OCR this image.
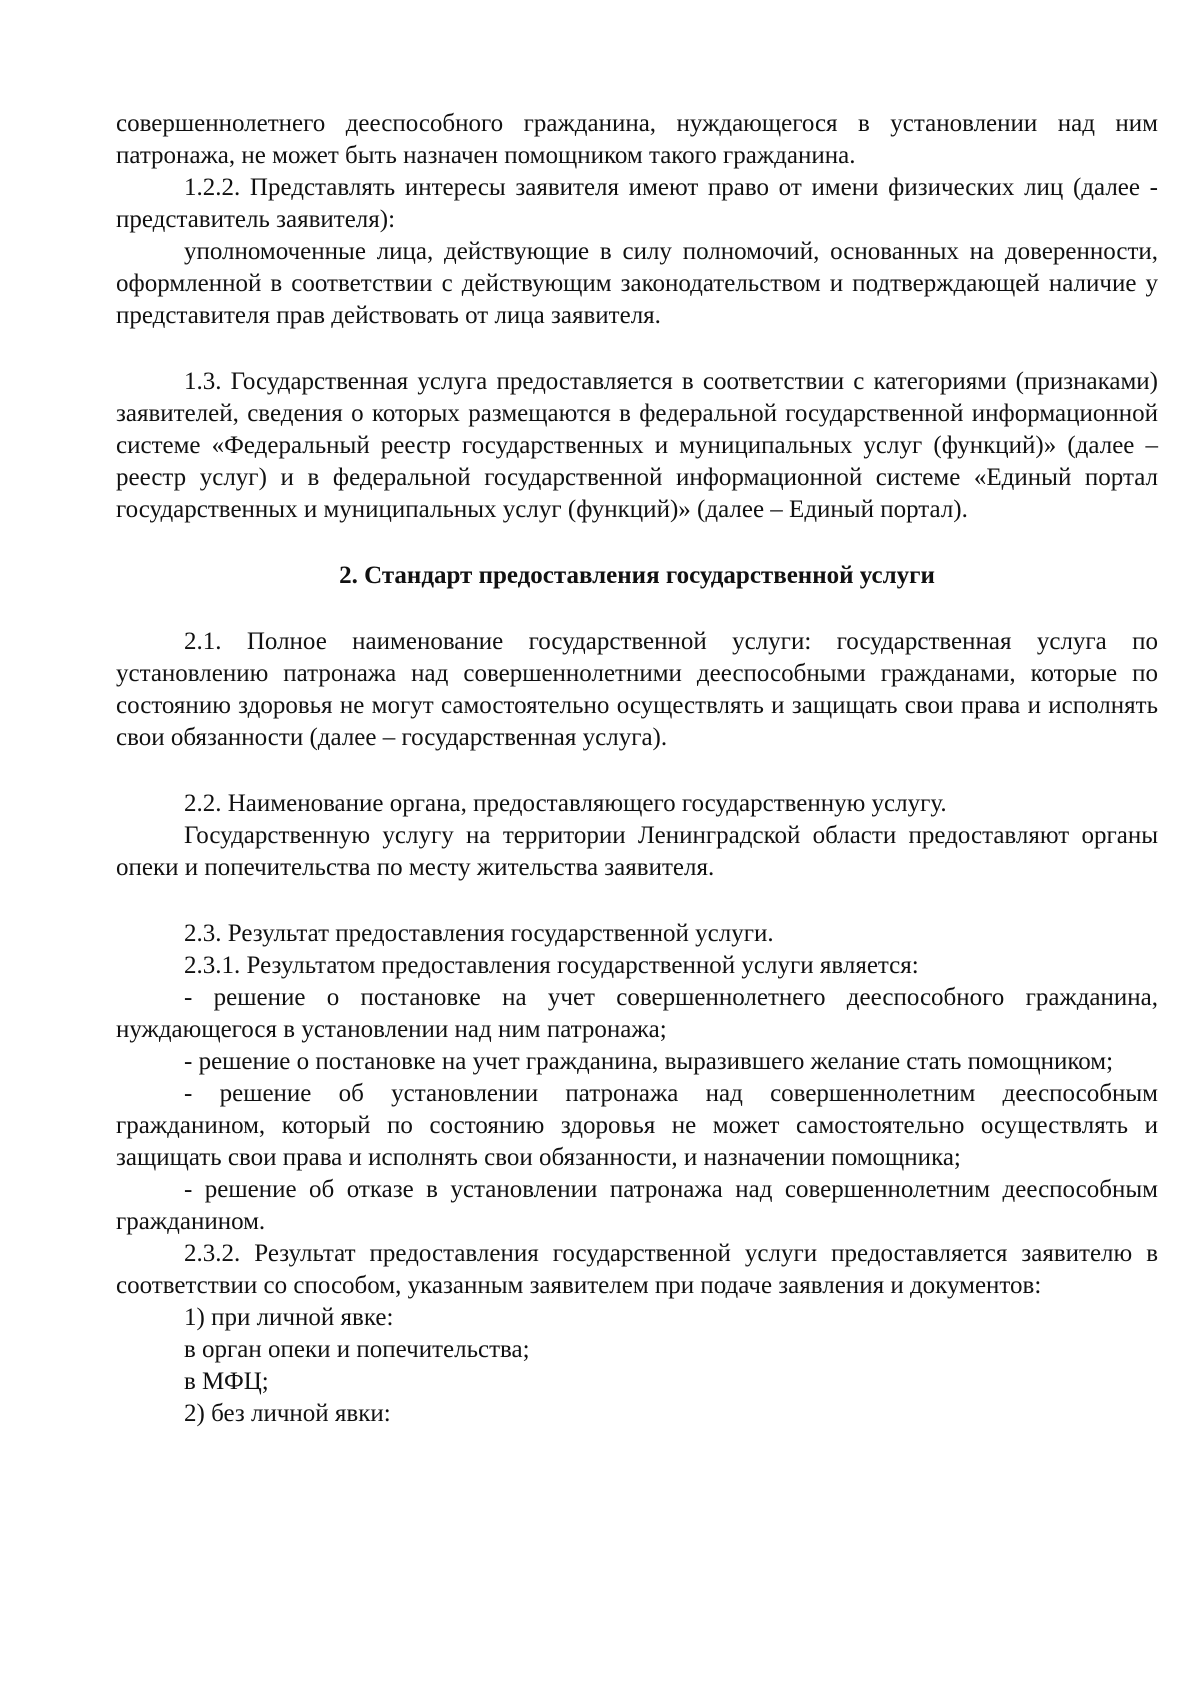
совершеннолетнего дееспособного гражданина, нуждающегося в установлении над ним патронажа, не может быть назначен помощником такого гражданина.

1.2.2. Представлять интересы заявителя имеют право от имени физических лиц (далее - представитель заявителя):

уполномоченные лица, действующие в силу полномочий, основанных на доверенности, оформленной в соответствии с действующим законодательством и подтверждающей наличие у представителя прав действовать от лица заявителя.

1.3. Государственная услуга предоставляется в соответствии с категориями (признаками) заявителей, сведения о которых размещаются в федеральной государственной информационной системе «Федеральный реестр государственных и муниципальных услуг (функций)» (далее – реестр услуг) и в федеральной государственной информационной системе «Единый портал государственных и муниципальных услуг (функций)» (далее – Единый портал).

2. Стандарт предоставления государственной услуги

2.1. Полное наименование государственной услуги: государственная услуга по установлению патронажа над совершеннолетними дееспособными гражданами, которые по состоянию здоровья не могут самостоятельно осуществлять и защищать свои права и исполнять свои обязанности (далее – государственная услуга).

2.2. Наименование органа, предоставляющего государственную услугу.

Государственную услугу на территории Ленинградской области предоставляют органы опеки и попечительства по месту жительства заявителя.

2.3. Результат предоставления государственной услуги.

2.3.1. Результатом предоставления государственной услуги является:

- решение о постановке на учет совершеннолетнего дееспособного гражданина, нуждающегося в установлении над ним патронажа;

- решение о постановке на учет гражданина, выразившего желание стать помощником;

- решение об установлении патронажа над совершеннолетним дееспособным гражданином, который по состоянию здоровья не может самостоятельно осуществлять и защищать свои права и исполнять свои обязанности, и назначении помощника;

- решение об отказе в установлении патронажа над совершеннолетним дееспособным гражданином.

2.3.2. Результат предоставления государственной услуги предоставляется заявителю в соответствии со способом, указанным заявителем при подаче заявления и документов:

1) при личной явке:

в орган опеки и попечительства;

в МФЦ;

2) без личной явки:
